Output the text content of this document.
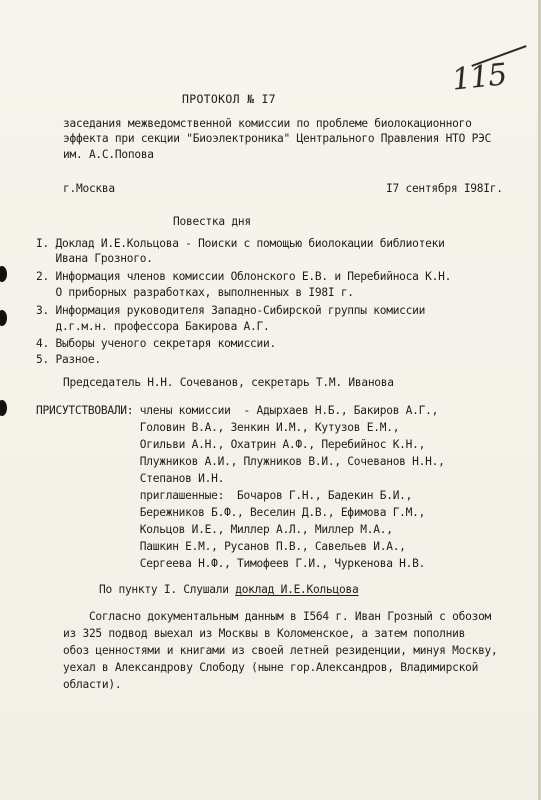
115
ПРОТОКОЛ № I7
заседания межведомственной комиссии по проблеме биолокационного
эффекта при секции "Биоэлектроника" Центрального Правления НТО РЭС
им. А.С.Попова
г.Москва	I7 сентября I98Iг.
Повестка дня
I. Доклад И.Е.Кольцова - Поиски с помощью биолокации библиотеки
Ивана Грозного.
2. Информация членов комиссии Облонского Е.В. и Перебийноса К.Н.
О приборных разработках, выполненных в I98I г.
3. Информация руководителя Западно-Сибирской группы комиссии
д.г.м.н. профессора Бакирова А.Г.
4. Выборы ученого секретаря комиссии.
5. Разное.
Председатель Н.Н. Сочеванов, секретарь Т.М. Иванова
ПРИСУТСТВОВАЛИ: члены комиссии  - Адырхаев Н.Б., Бакиров А.Г.,
Головин В.А., Зенкин И.М., Кутузов Е.М.,
Огильви А.Н., Охатрин А.Ф., Перебийнос К.Н.,
Плужников А.И., Плужников В.И., Сочеванов Н.Н.,
Степанов И.Н.
приглашенные:  Бочаров Г.Н., Бадекин Б.И.,
Бережников Б.Ф., Веселин Д.В., Ефимова Г.М.,
Кольцов И.Е., Миллер А.Л., Миллер М.А.,
Пашкин Е.М., Русанов П.В., Савельев И.А.,
Сергеева Н.Ф., Тимофеев Г.И., Чуркенова Н.В.
По пункту I. Слушали доклад И.Е.Кольцова
Согласно документальным данным в I564 г. Иван Грозный с обозом
из 325 подвод выехал из Москвы в Коломенское, а затем пополнив
обоз ценностями и книгами из своей летней резиденции, минуя Москву,
уехал в Александрову Слободу (ныне гор.Александров, Владимирской
области).
